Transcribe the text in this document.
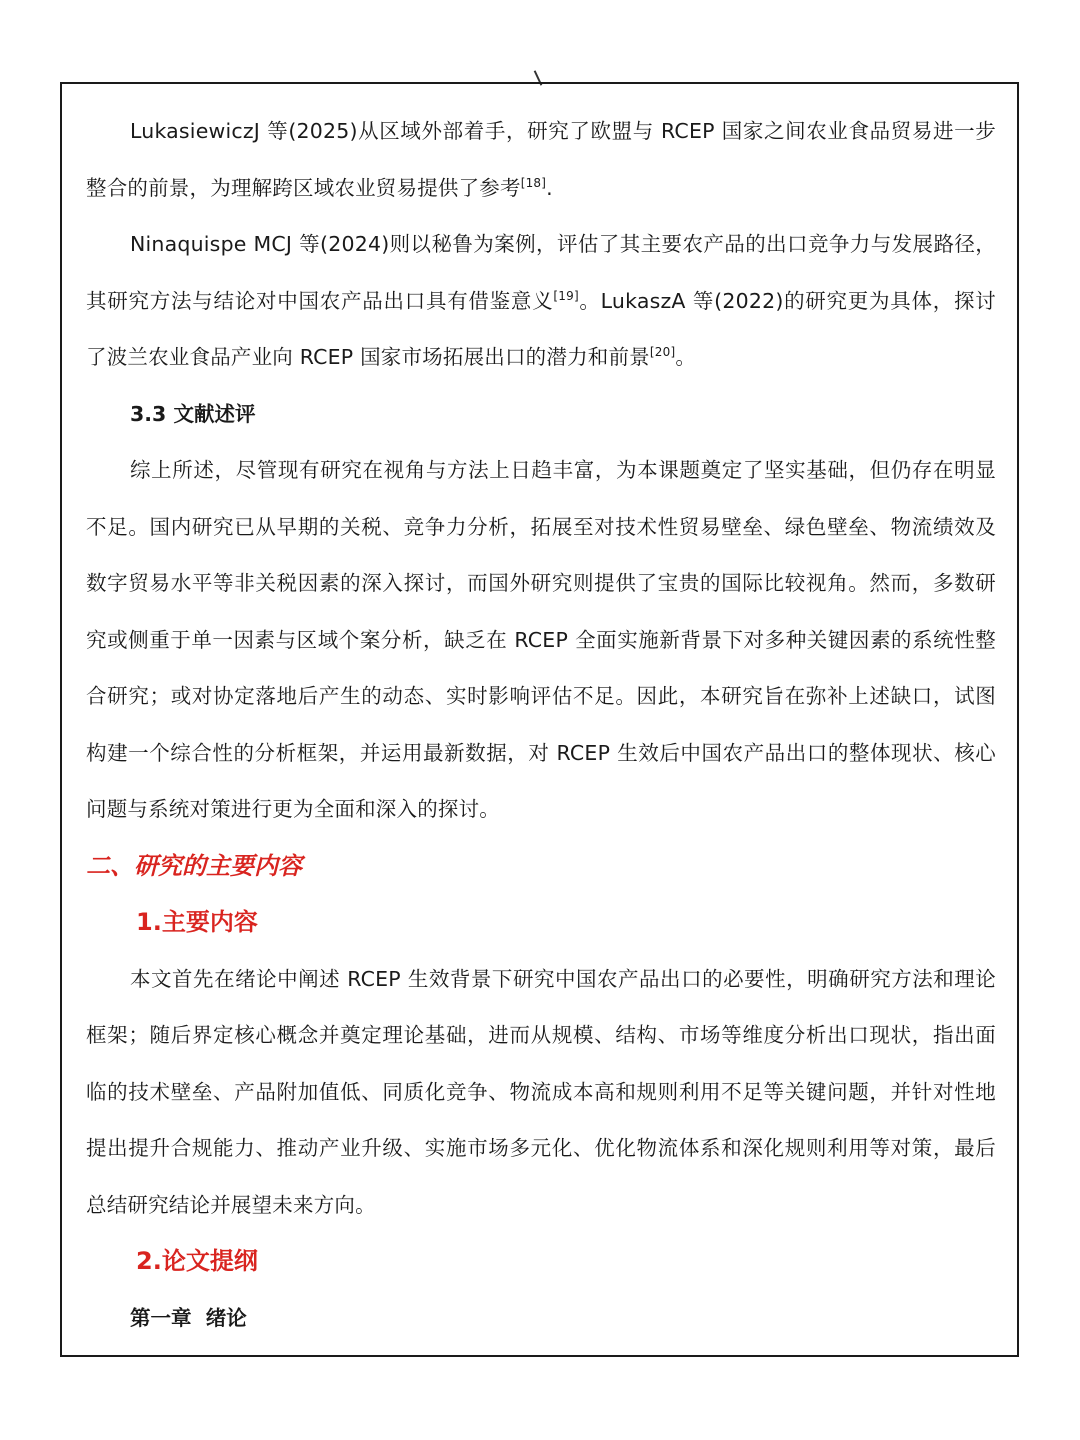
LukasiewiczJ 等(2025)从区域外部着手，研究了欧盟与 RCEP 国家之间农业食品贸易进一步整合的前景，为理解跨区域农业贸易提供了参考[18].

Ninaquispe MCJ 等(2024)则以秘鲁为案例，评估了其主要农产品的出口竞争力与发展路径，其研究方法与结论对中国农产品出口具有借鉴意义[19]。LukaszA 等(2022)的研究更为具体，探讨了波兰农业食品产业向 RCEP 国家市场拓展出口的潜力和前景[20]。

3.3 文献述评

综上所述，尽管现有研究在视角与方法上日趋丰富，为本课题奠定了坚实基础，但仍存在明显不足。国内研究已从早期的关税、竞争力分析，拓展至对技术性贸易壁垒、绿色壁垒、物流绩效及数字贸易水平等非关税因素的深入探讨，而国外研究则提供了宝贵的国际比较视角。然而，多数研究或侧重于单一因素与区域个案分析，缺乏在 RCEP 全面实施新背景下对多种关键因素的系统性整合研究；或对协定落地后产生的动态、实时影响评估不足。因此，本研究旨在弥补上述缺口，试图构建一个综合性的分析框架，并运用最新数据，对 RCEP 生效后中国农产品出口的整体现状、核心问题与系统对策进行更为全面和深入的探讨。

二、研究的主要内容

1.主要内容

本文首先在绪论中阐述 RCEP 生效背景下研究中国农产品出口的必要性，明确研究方法和理论框架；随后界定核心概念并奠定理论基础，进而从规模、结构、市场等维度分析出口现状，指出面临的技术壁垒、产品附加值低、同质化竞争、物流成本高和规则利用不足等关键问题，并针对性地提出提升合规能力、推动产业升级、实施市场多元化、优化物流体系和深化规则利用等对策，最后总结研究结论并展望未来方向。

2.论文提纲

第一章  绪论
